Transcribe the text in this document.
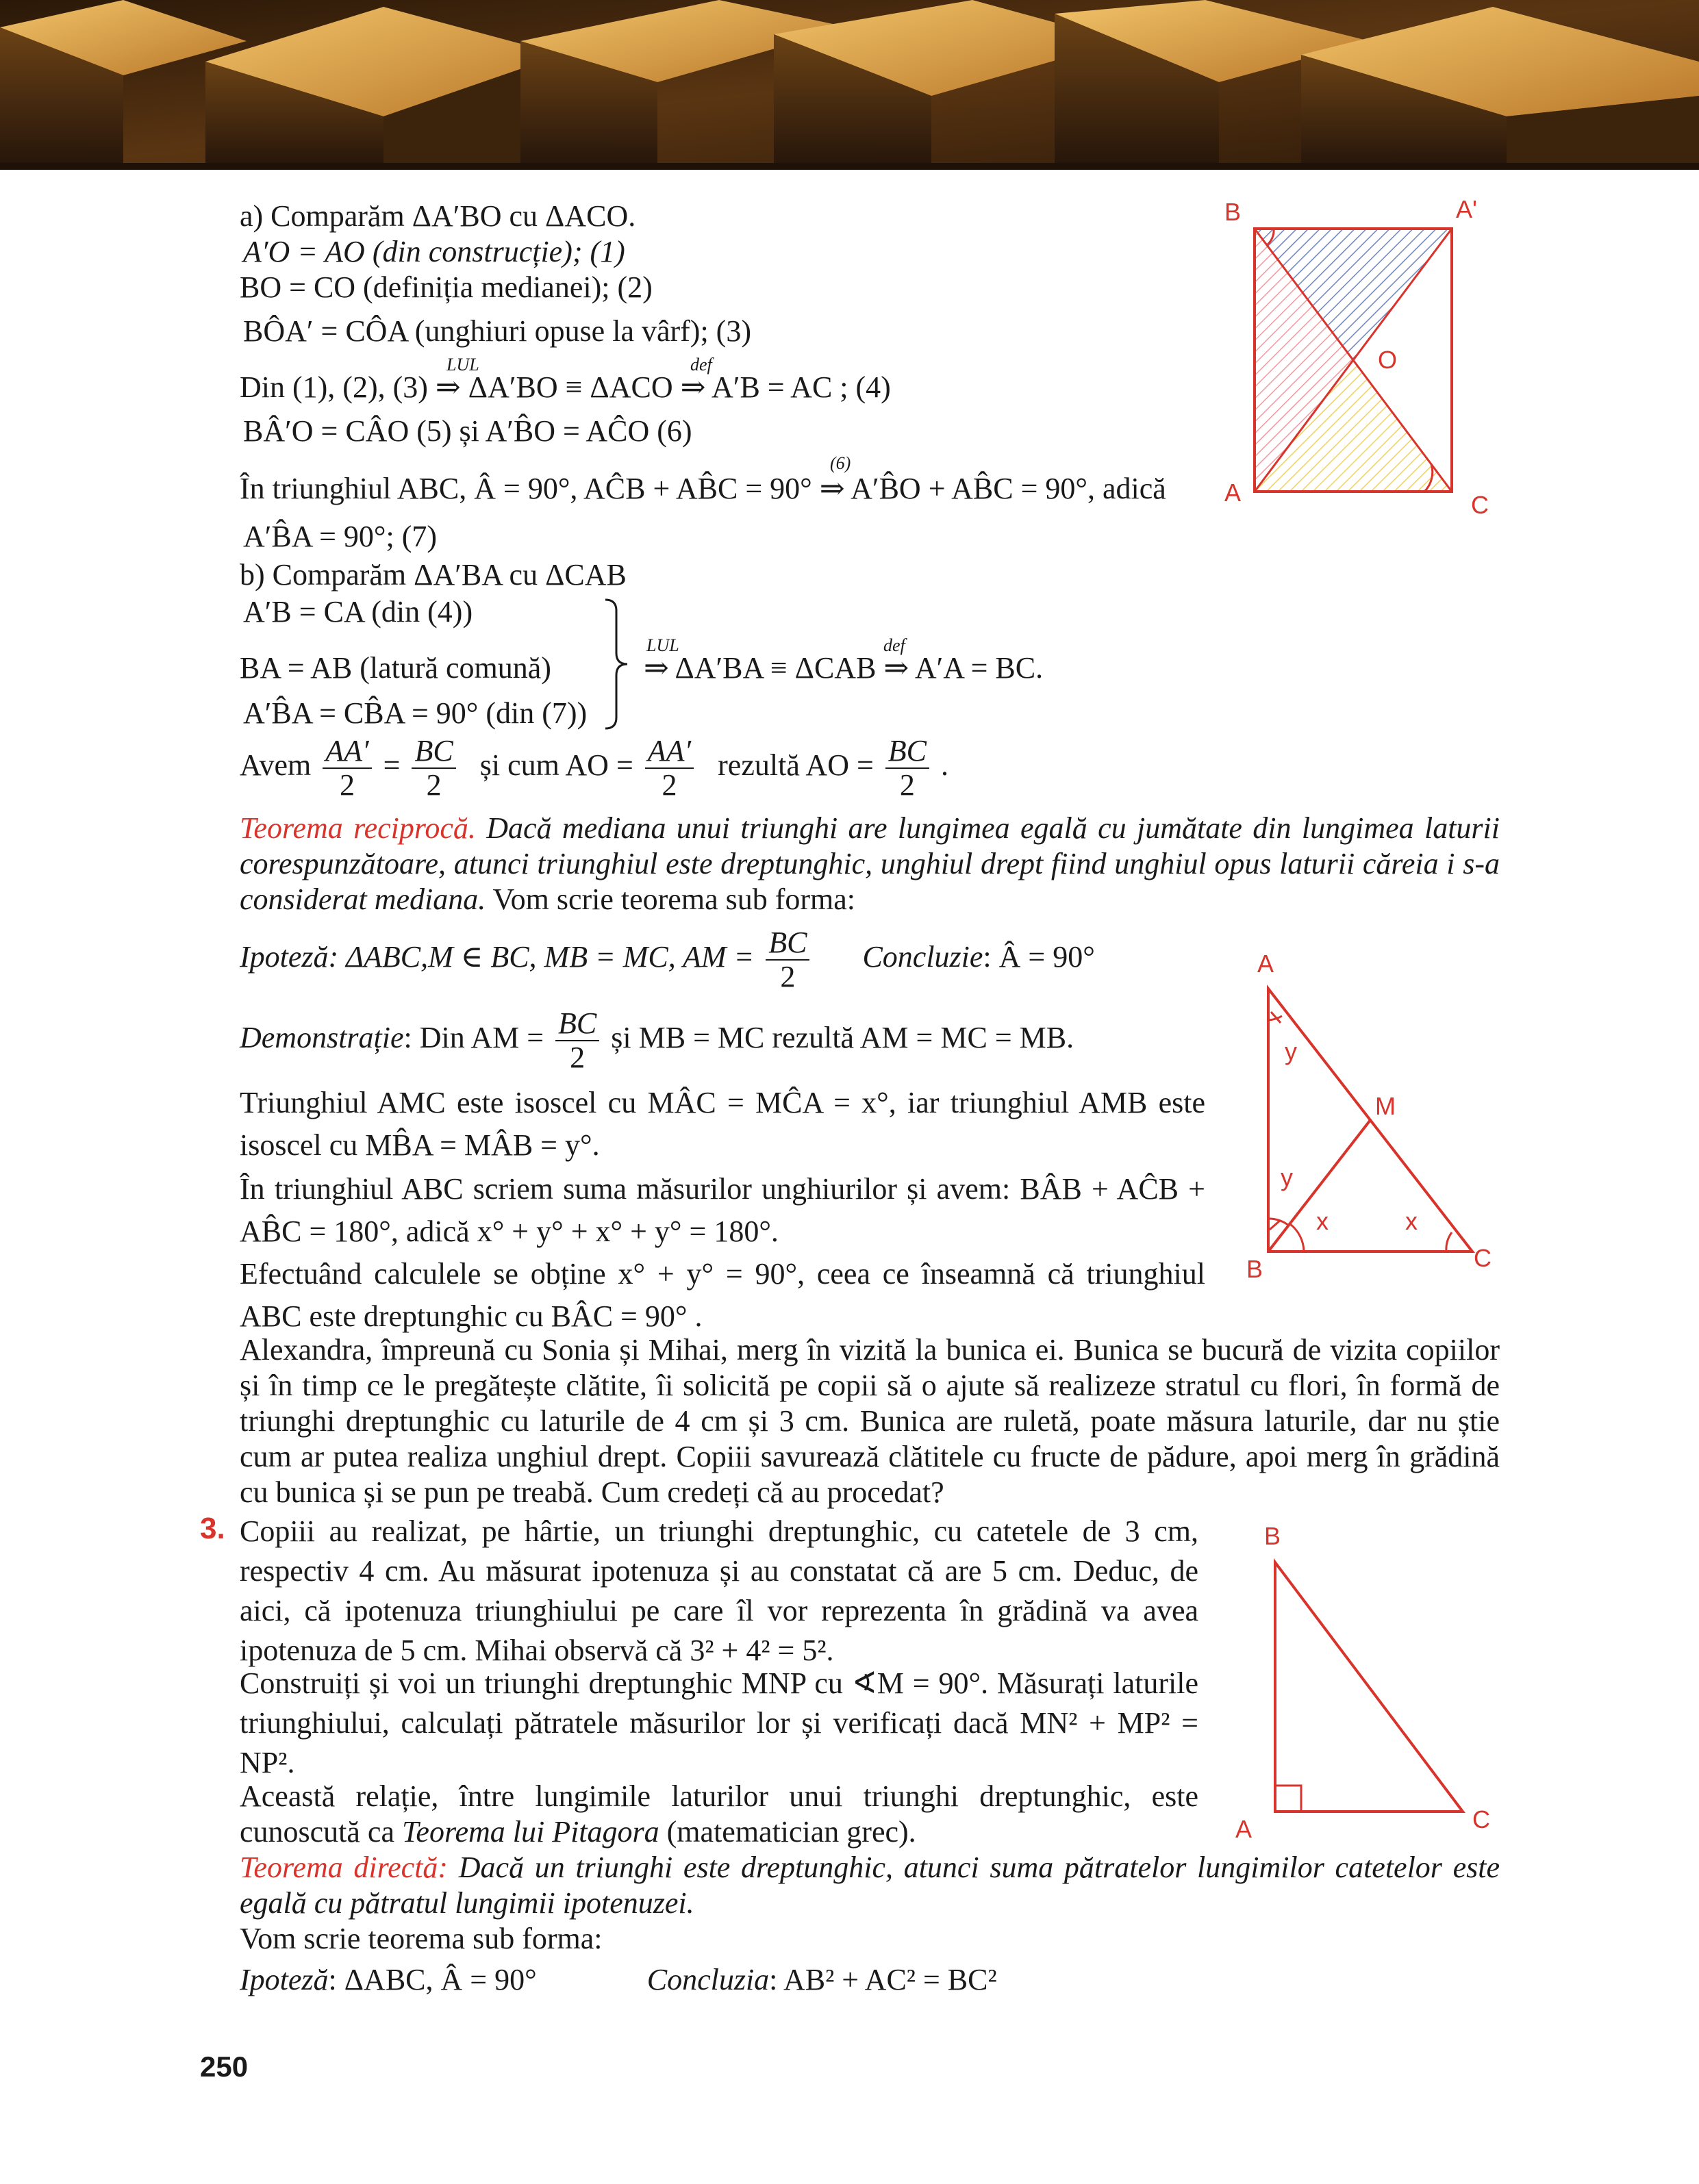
a) Comparăm ΔA′BO cu ΔACO.
A′O = AO (din construcție); (1)
BO = CO (definiția medianei); (2)
BÔA′ = CÔA (unghiuri opuse la vârf); (3)
LUL	def
Din (1), (2), (3) ⇒ ΔA′BO ≡ ΔACO ⇒ A′B = AC ; (4)
BÂ′O = CÂO (5) și A′B̂O = AĈO (6)
(6)
În triunghiul ABC, Â = 90°, AĈB + AB̂C = 90° ⇒ A′B̂O + AB̂C = 90°, adică
A′B̂A = 90°; (7)
b) Comparăm ΔA′BA cu ΔCAB
A′B = CA (din (4))
BA = AB (latură comună)
A′B̂A = CB̂A = 90° (din (7))
LUL	def
⇒ ΔA′BA ≡ ΔCAB ⇒ A′A = BC.
Avem $\frac{AA'}{2} = \frac{BC}{2}$ și cum AO = $\frac{AA'}{2}$ rezultă AO = $\frac{BC}{2}$ .
Teorema reciprocă. Dacă mediana unui triunghi are lungimea egală cu jumătate din lungimea laturii corespunzătoare, atunci triunghiul este dreptunghic, unghiul drept fiind unghiul opus laturii căreia i s-a considerat mediana. Vom scrie teorema sub forma:
Ipoteză: ΔABC,M ∈ BC, MB = MC, AM = $\frac{BC}{2}$ Concluzie: Â = 90°
Demonstrație: Din AM = $\frac{BC}{2}$ și MB = MC rezultă AM = MC = MB.
Triunghiul AMC este isoscel cu MÂC = MĈA = x°, iar triunghiul AMB este isoscel cu MB̂A = MÂB = y°.
În triunghiul ABC scriem suma măsurilor unghiurilor și avem: BÂB + AĈB + AB̂C = 180°, adică x° + y° + x° + y° = 180°.
Efectuând calculele se obține x° + y° = 90°, ceea ce înseamnă că triunghiul ABC este dreptunghic cu BÂC = 90° .
Alexandra, împreună cu Sonia și Mihai, merg în vizită la bunica ei. Bunica se bucură de vizita copiilor și în timp ce le pregătește clătite, îi solicită pe copii să o ajute să realizeze stratul cu flori, în formă de triunghi dreptunghic cu laturile de 4 cm și 3 cm. Bunica are ruletă, poate măsura laturile, dar nu știe cum ar putea realiza unghiul drept. Copiii savurează clătitele cu fructe de pădure, apoi merg în grădină cu bunica și se pun pe treabă. Cum credeți că au procedat?
3. Copiii au realizat, pe hârtie, un triunghi dreptunghic, cu catetele de 3 cm, respectiv 4 cm. Au măsurat ipotenuza și au constatat că are 5 cm. Deduc, de aici, că ipotenuza triunghiului pe care îl vor reprezenta în grădină va avea ipotenuza de 5 cm. Mihai observă că 3² + 4² = 5².
Construiți și voi un triunghi dreptunghic MNP cu ∢M = 90°. Măsurați laturile triunghiului, calculați pătratele măsurilor lor și verificați dacă MN² + MP² = NP².
Această relație, între lungimile laturilor unui triunghi dreptunghic, este cunoscută ca Teorema lui Pitagora (matematician grec).
Teorema directă: Dacă un triunghi este dreptunghic, atunci suma pătratelor lungimilor catetelor este egală cu pătratul lungimii ipotenuzei.
Vom scrie teorema sub forma:
Ipoteză: ΔABC, Â = 90°	Concluzia: AB² + AC² = BC²
B	A'
O
A	C
A
y
M
y
x	x
B	C
B
A	C
250
